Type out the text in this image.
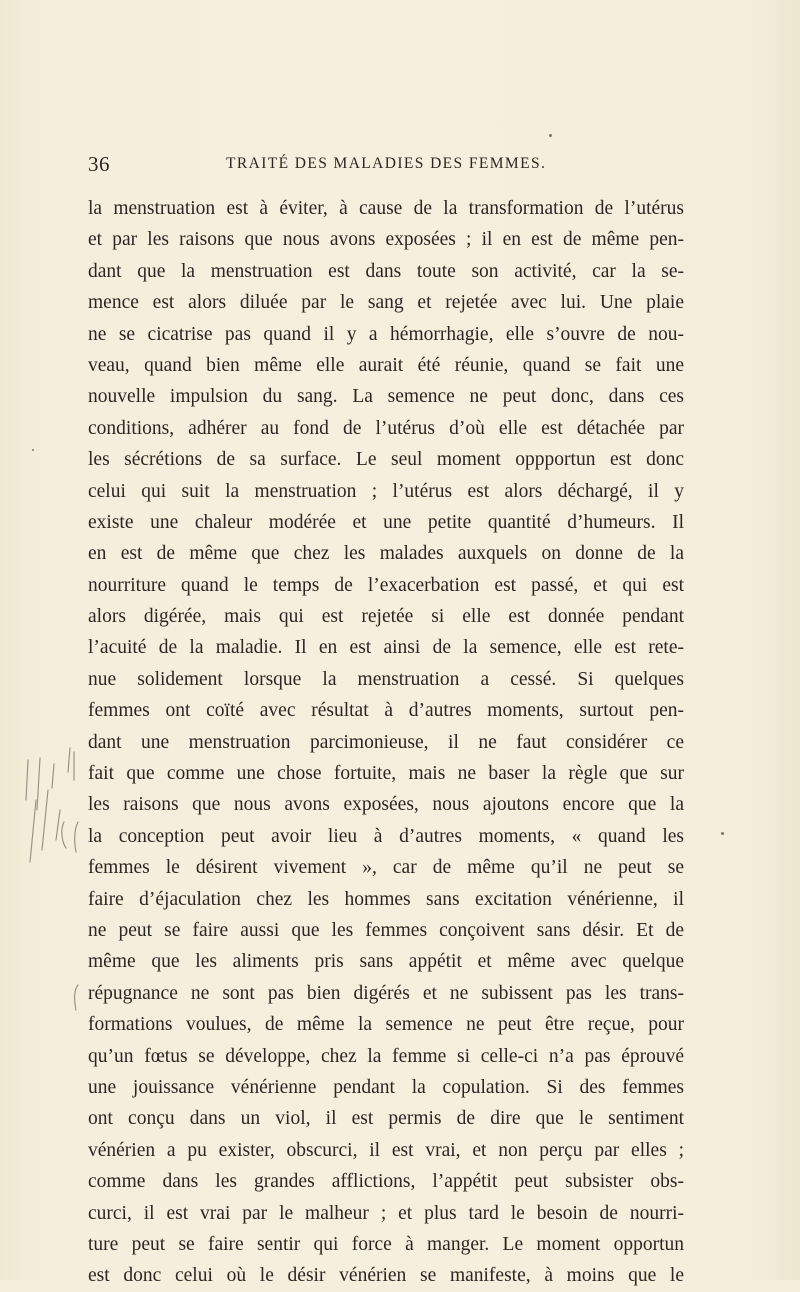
36	TRAITÉ DES MALADIES DES FEMMES.
la menstruation est à éviter, à cause de la transformation de l’utérus
et par les raisons que nous avons exposées ; il en est de même pen-
dant que la menstruation est dans toute son activité, car la se-
mence est alors diluée par le sang et rejetée avec lui. Une plaie
ne se cicatrise pas quand il y a hémorrhagie, elle s’ouvre de nou-
veau, quand bien même elle aurait été réunie, quand se fait une
nouvelle impulsion du sang. La semence ne peut donc, dans ces
conditions, adhérer au fond de l’utérus d’où elle est détachée par
les sécrétions de sa surface. Le seul moment oppportun est donc
celui qui suit la menstruation ; l’utérus est alors déchargé, il y
existe une chaleur modérée et une petite quantité d’humeurs. Il
en est de même que chez les malades auxquels on donne de la
nourriture quand le temps de l’exacerbation est passé, et qui est
alors digérée, mais qui est rejetée si elle est donnée pendant
l’acuité de la maladie. Il en est ainsi de la semence, elle est rete-
nue solidement lorsque la menstruation a cessé. Si quelques
femmes ont coïté avec résultat à d’autres moments, surtout pen-
dant une menstruation parcimonieuse, il ne faut considérer ce
fait que comme une chose fortuite, mais ne baser la règle que sur
les raisons que nous avons exposées, nous ajoutons encore que la
la conception peut avoir lieu à d’autres moments, « quand les
femmes le désirent vivement », car de même qu’il ne peut se
faire d’éjaculation chez les hommes sans excitation vénérienne, il
ne peut se faire aussi que les femmes conçoivent sans désir. Et de
même que les aliments pris sans appétit et même avec quelque
répugnance ne sont pas bien digérés et ne subissent pas les trans-
formations voulues, de même la semence ne peut être reçue, pour
qu’un fœtus se développe, chez la femme si celle-ci n’a pas éprouvé
une jouissance vénérienne pendant la copulation. Si des femmes
ont conçu dans un viol, il est permis de dire que le sentiment
vénérien a pu exister, obscurci, il est vrai, et non perçu par elles ;
comme dans les grandes afflictions, l’appétit peut subsister obs-
curci, il est vrai par le malheur ; et plus tard le besoin de nourri-
ture peut se faire sentir qui force à manger. Le moment opportun
est donc celui où le désir vénérien se manifeste, à moins que le
